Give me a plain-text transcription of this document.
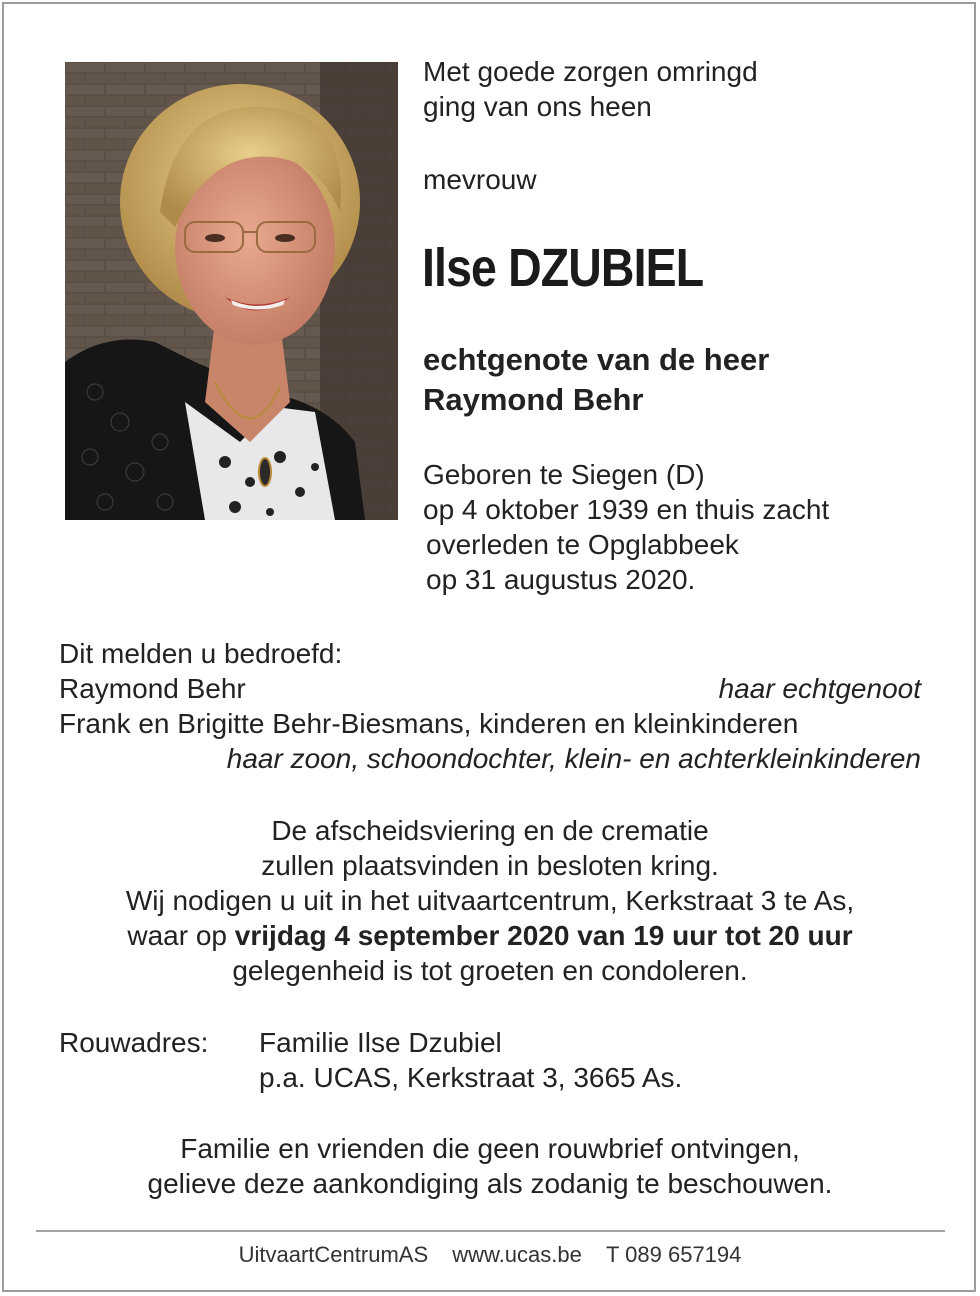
Met goede zorgen omringd
ging van ons heen

mevrouw

Ilse DZUBIEL

echtgenote van de heer
Raymond Behr

Geboren te Siegen (D)
op 4 oktober 1939 en thuis zacht
overleden te Opglabbeek
op 31 augustus 2020.

Dit melden u bedroefd:
Raymond Behr	haar echtgenoot
Frank en Brigitte Behr-Biesmans, kinderen en kleinkinderen
haar zoon, schoondochter, klein- en achterkleinkinderen
De afscheidsviering en de crematie
zullen plaatsvinden in besloten kring.
Wij nodigen u uit in het uitvaartcentrum, Kerkstraat 3 te As,
waar op vrijdag 4 september 2020 van 19 uur tot 20 uur
gelegenheid is tot groeten en condoleren.
Rouwadres: Familie Ilse Dzubiel
p.a. UCAS, Kerkstraat 3, 3665 As.
Familie en vrienden die geen rouwbrief ontvingen,
gelieve deze aankondiging als zodanig te beschouwen.
UitvaartCentrumAS www.ucas.be T 089 657194
